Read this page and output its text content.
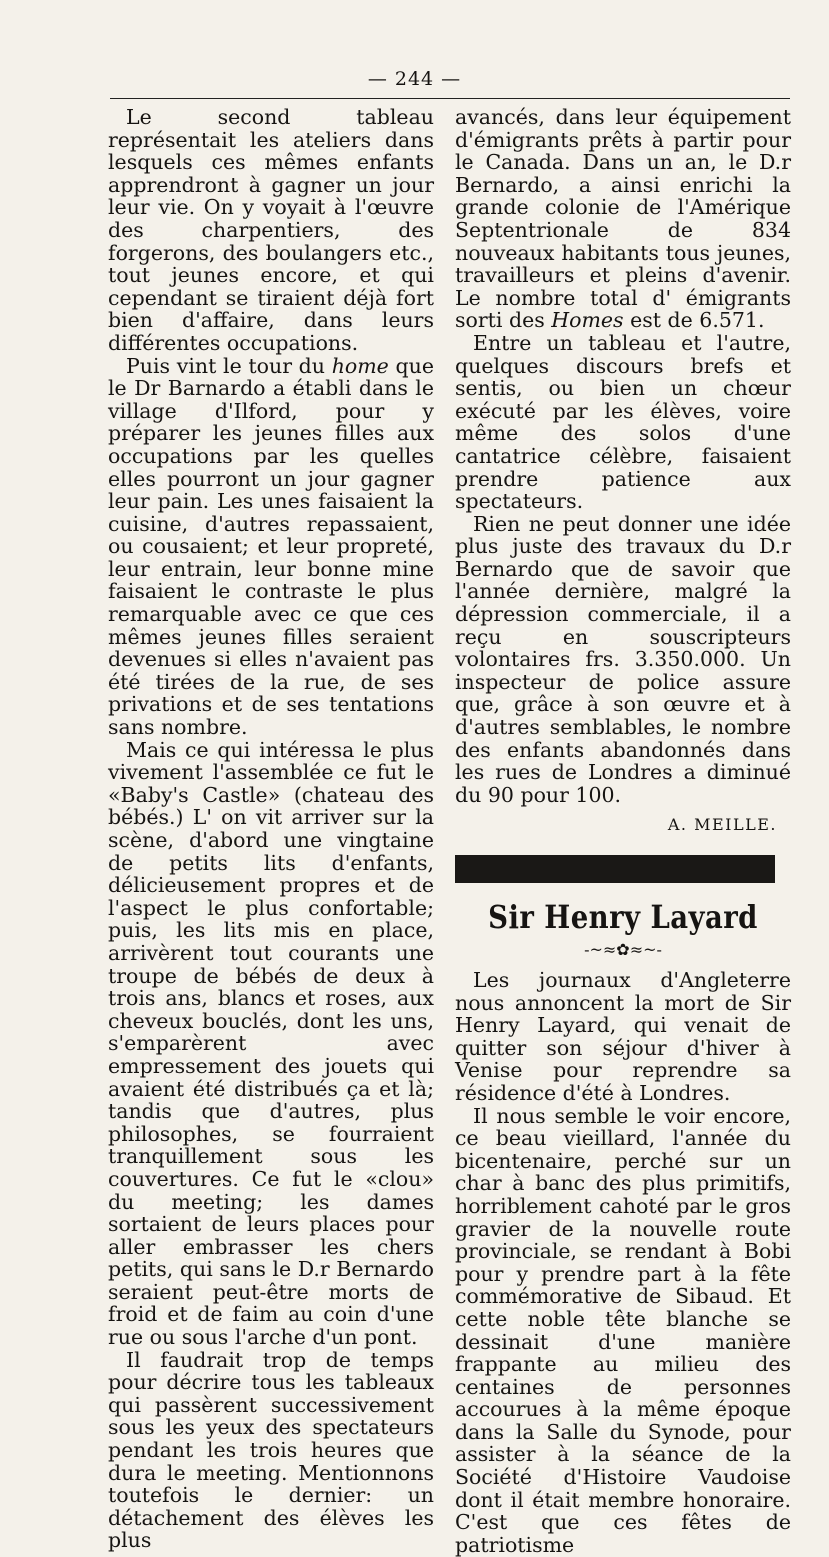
— 244 —

Le second tableau représentait les ateliers dans lesquels ces mêmes enfants apprendront à gagner un jour leur vie. On y voyait à l'œuvre des charpentiers, des forgerons, des boulangers etc., tout jeunes encore, et qui cependant se tiraient déjà fort bien d'affaire, dans leurs différentes occupations.

Puis vint le tour du home que le Dr Barnardo a établi dans le village d'Ilford, pour y préparer les jeunes filles aux occupations par les quelles elles pourront un jour gagner leur pain. Les unes faisaient la cuisine, d'autres repassaient, ou cousaient; et leur propreté, leur entrain, leur bonne mine faisaient le contraste le plus remarquable avec ce que ces mêmes jeunes filles seraient devenues si elles n'avaient pas été tirées de la rue, de ses privations et de ses tentations sans nombre.

Mais ce qui intéressa le plus vivement l'assemblée ce fut le «Baby's Castle» (chateau des bébés.) L' on vit arriver sur la scène, d'abord une vingtaine de petits lits d'enfants, délicieusement propres et de l'aspect le plus confortable; puis, les lits mis en place, arrivèrent tout courants une troupe de bébés de deux à trois ans, blancs et roses, aux cheveux bouclés, dont les uns, s'emparèrent avec empressement des jouets qui avaient été distribués ça et là; tandis que d'autres, plus philosophes, se fourraient tranquillement sous les couvertures. Ce fut le «clou» du meeting; les dames sortaient de leurs places pour aller embrasser les chers petits, qui sans le D.r Bernardo seraient peut-être morts de froid et de faim au coin d'une rue ou sous l'arche d'un pont.

Il faudrait trop de temps pour décrire tous les tableaux qui passèrent successivement sous les yeux des spectateurs pendant les trois heures que dura le meeting. Mentionnons toutefois le dernier: un détachement des élèves les plus

avancés, dans leur équipement d'émigrants prêts à partir pour le Canada. Dans un an, le D.r Bernardo, a ainsi enrichi la grande colonie de l'Amérique Septentrionale de 834 nouveaux habitants tous jeunes, travailleurs et pleins d'avenir. Le nombre total d' émigrants sorti des Homes est de 6.571.

Entre un tableau et l'autre, quelques discours brefs et sentis, ou bien un chœur exécuté par les élèves, voire même des solos d'une cantatrice célèbre, faisaient prendre patience aux spectateurs.

Rien ne peut donner une idée plus juste des travaux du D.r Bernardo que de savoir que l'année dernière, malgré la dépression commerciale, il a reçu en souscripteurs volontaires frs. 3.350.000. Un inspecteur de police assure que, grâce à son œuvre et à d'autres semblables, le nombre des enfants abandonnés dans les rues de Londres a diminué du 90 pour 100.

A. MEILLE.

Sir Henry Layard

-~≈✿≈~-

Les journaux d'Angleterre nous annoncent la mort de Sir Henry Layard, qui venait de quitter son séjour d'hiver à Venise pour reprendre sa résidence d'été à Londres.

Il nous semble le voir encore, ce beau vieillard, l'année du bicentenaire, perché sur un char à banc des plus primitifs, horriblement cahoté par le gros gravier de la nouvelle route provinciale, se rendant à Bobi pour y prendre part à la fête commémorative de Sibaud. Et cette noble tête blanche se dessinait d'une manière frappante au milieu des centaines de personnes accourues à la même époque dans la Salle du Synode, pour assister à la séance de la Société d'Histoire Vaudoise dont il était membre honoraire. C'est que ces fêtes de patriotisme
